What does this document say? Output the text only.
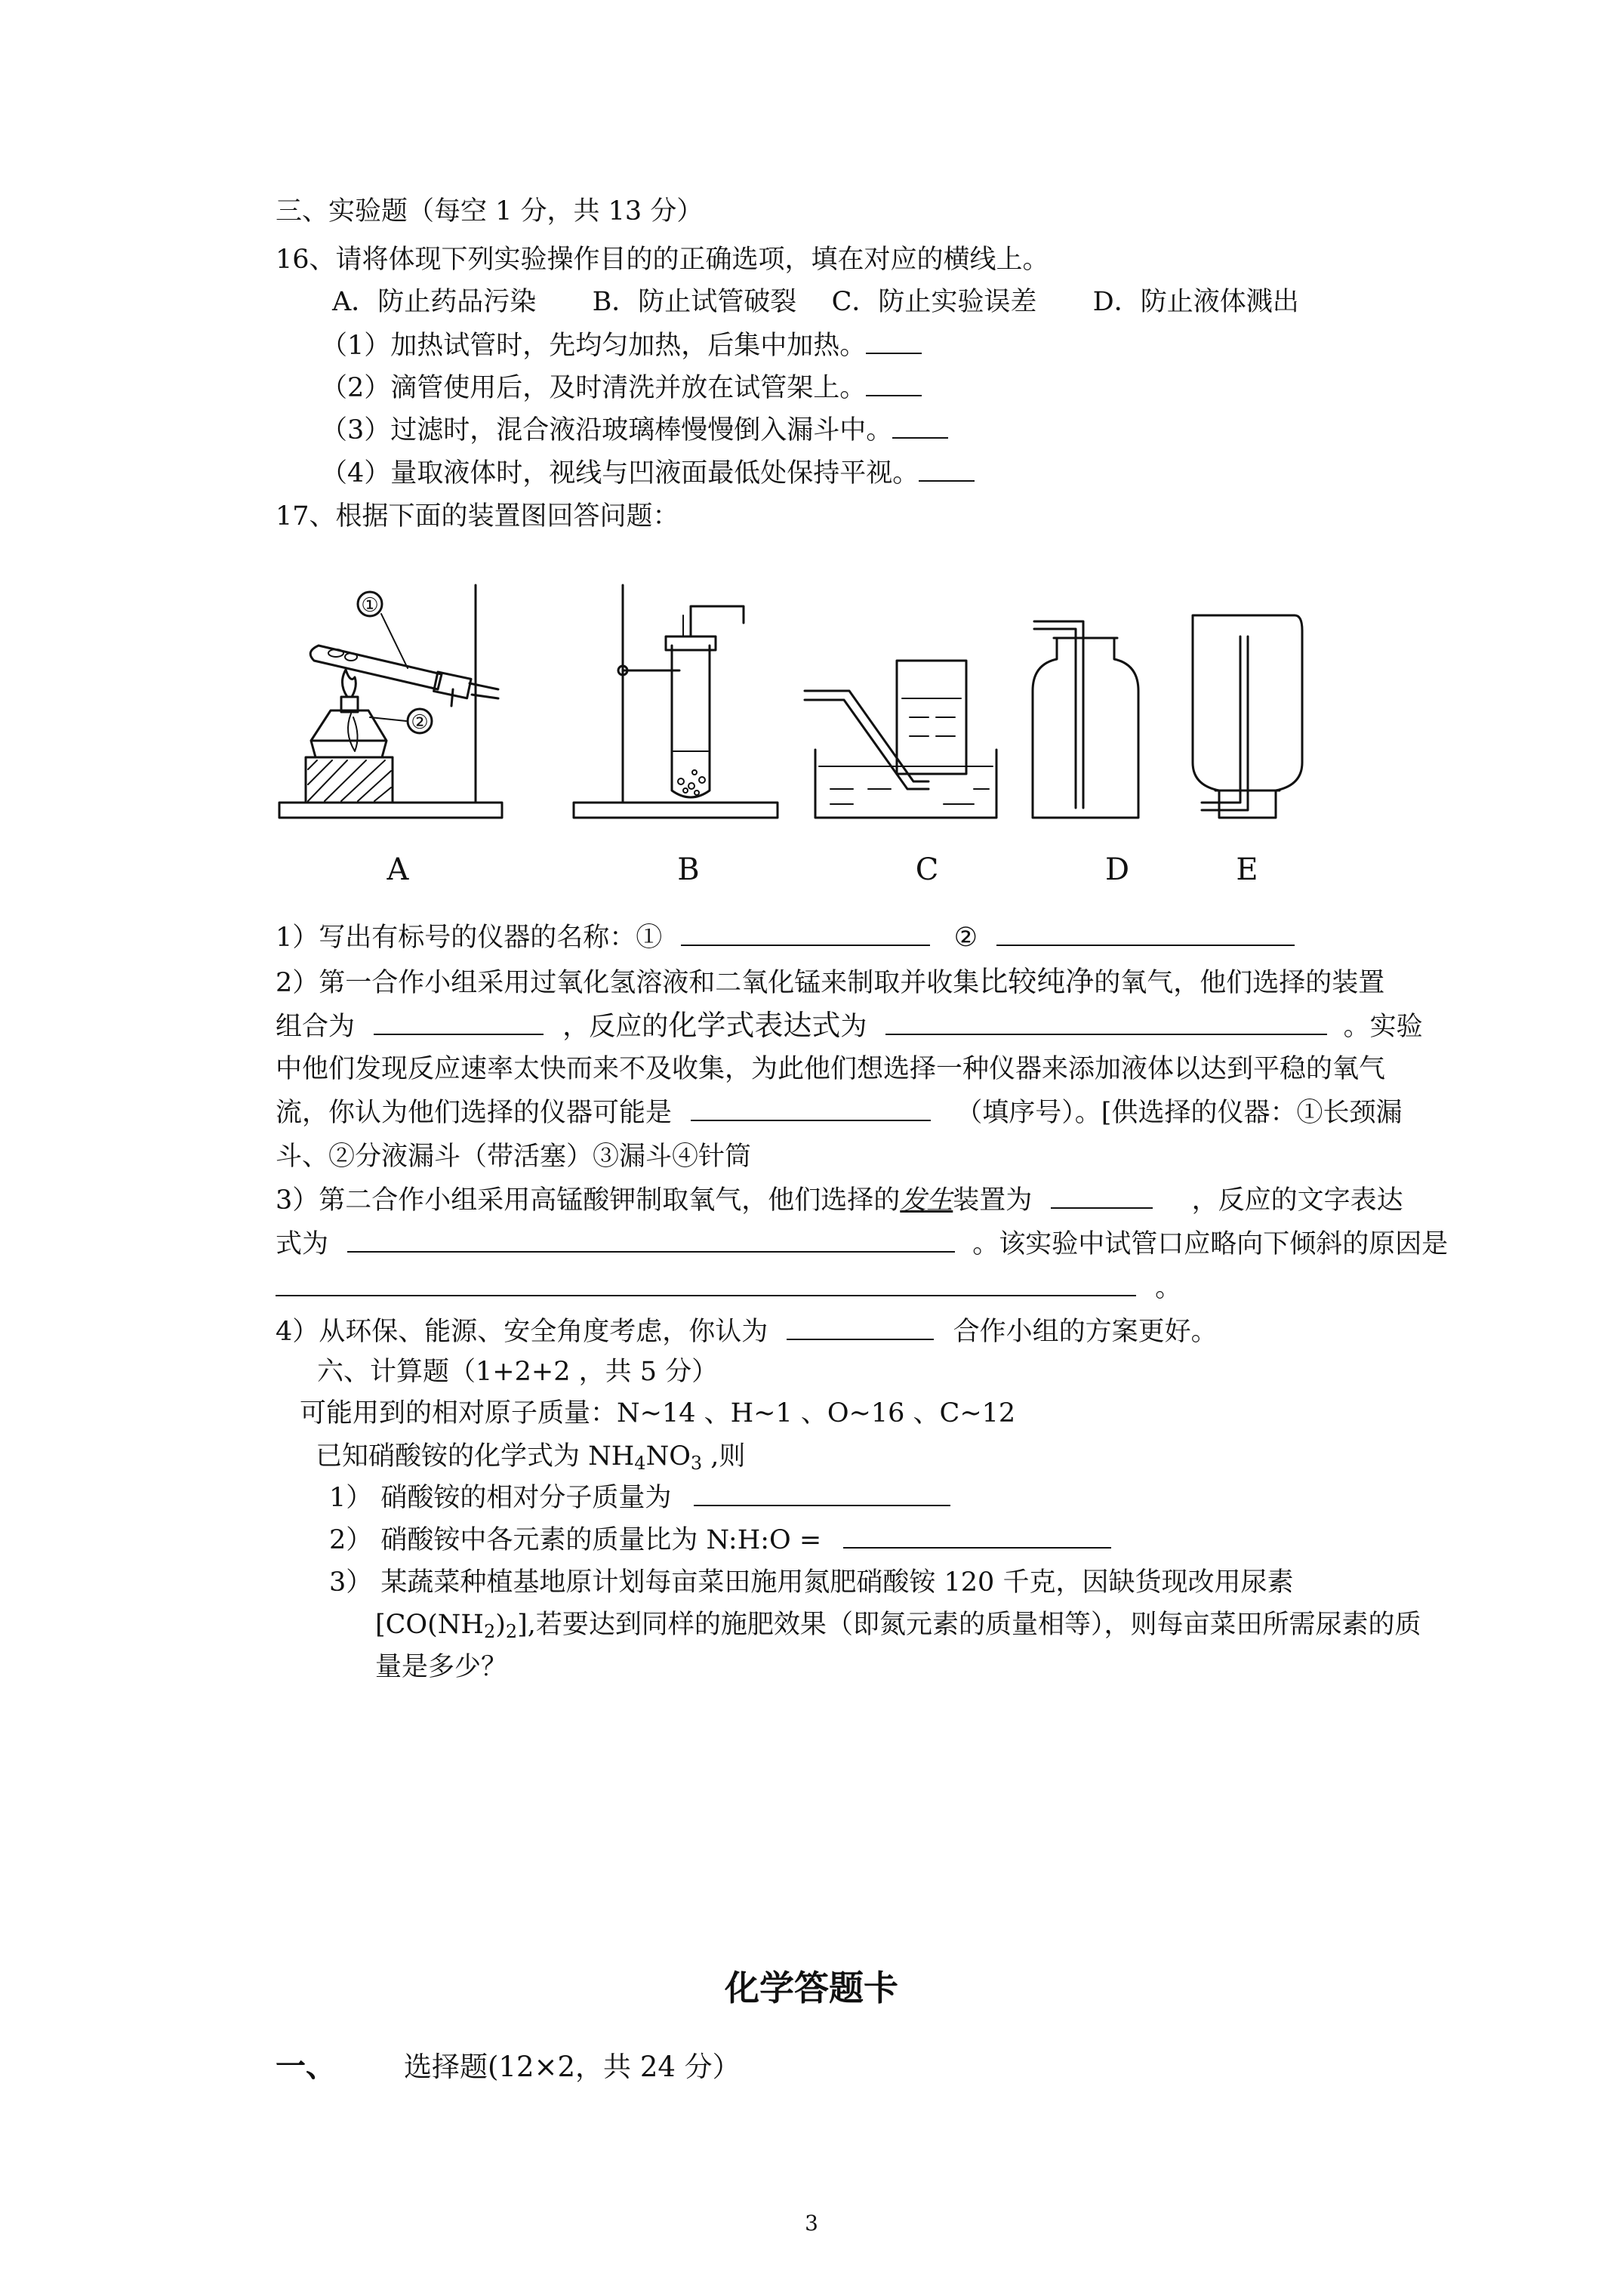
三、实验题（每空 1 分，共 13 分）
16、请将体现下列实验操作目的的正确选项，填在对应的横线上。
A．防止药品污染 B．防止试管破裂 C．防止实验误差 D．防止液体溅出
（1）加热试管时，先均匀加热，后集中加热。
（2）滴管使用后，及时清洗并放在试管架上。
（3）过滤时，混合液沿玻璃棒慢慢倒入漏斗中。
（4）量取液体时，视线与凹液面最低处保持平视。
17、根据下面的装置图回答问题：
①
②
A	B	C	D	E
1）写出有标号的仪器的名称：①	②
2）第一合作小组采用过氧化氢溶液和二氧化锰来制取并收集比较纯净的氧气，他们选择的装置
组合为	，反应的化学式表达式为	。实验
中他们发现反应速率太快而来不及收集，为此他们想选择一种仪器来添加液体以达到平稳的氧气
流，你认为他们选择的仪器可能是	（填序号）。[供选择的仪器：①长颈漏
斗、②分液漏斗（带活塞）③漏斗④针筒
3）第二合作小组采用高锰酸钾制取氧气，他们选择的发生装置为	，反应的文字表达
式为	。该实验中试管口应略向下倾斜的原因是
。
4）从环保、能源、安全角度考虑，你认为	合作小组的方案更好。
六、计算题（1+2+2 ，共 5 分）
可能用到的相对原子质量：N~14 、H~1 、O~16 、C~12
已知硝酸铵的化学式为 $NH_4NO_3$ ,则
1） 硝酸铵的相对分子质量为
2） 硝酸铵中各元素的质量比为 N:H:O =
3） 某蔬菜种植基地原计划每亩菜田施用氮肥硝酸铵 120 千克，因缺货现改用尿素
$[CO(NH_2)_2]$,若要达到同样的施肥效果（即氮元素的质量相等），则每亩菜田所需尿素的质
量是多少？
化学答题卡
一、 选择题(12×2，共 24 分）
3
